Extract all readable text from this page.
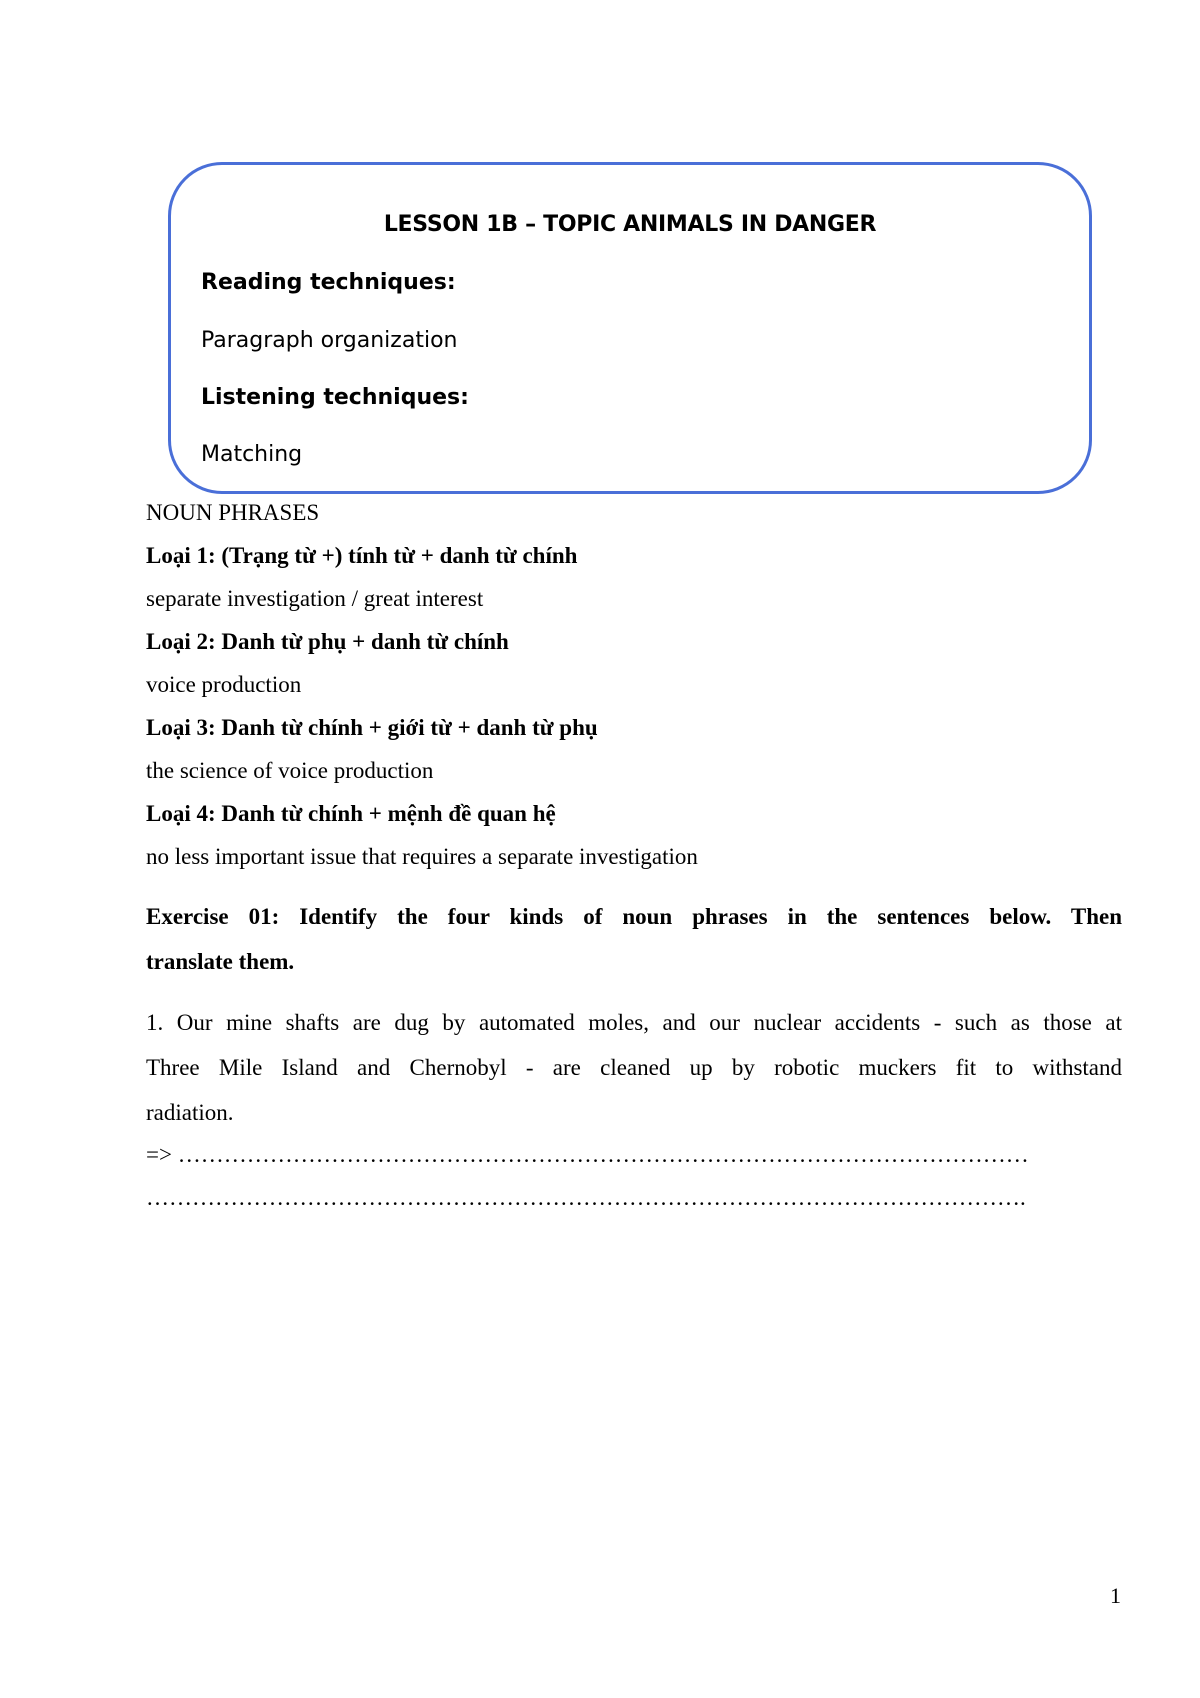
LESSON 1B – TOPIC ANIMALS IN DANGER
Reading techniques:
Paragraph organization
Listening techniques:
Matching
NOUN PHRASES
Loại 1: (Trạng từ +) tính từ + danh từ chính
separate investigation / great interest
Loại 2: Danh từ phụ + danh từ chính
voice production
Loại 3: Danh từ chính + giới từ + danh từ phụ
the science of voice production
Loại 4: Danh từ chính + mệnh đề quan hệ
no less important issue that requires a separate investigation
Exercise 01: Identify the four kinds of noun phrases in the sentences below. Then
translate them.
1. Our mine shafts are dug by automated moles, and our nuclear accidents - such as those at
Three Mile Island and Chernobyl - are cleaned up by robotic muckers fit to withstand
radiation.
=> …………………………………………………………………………………………………
…………………………………………………………………………………………………….
1
